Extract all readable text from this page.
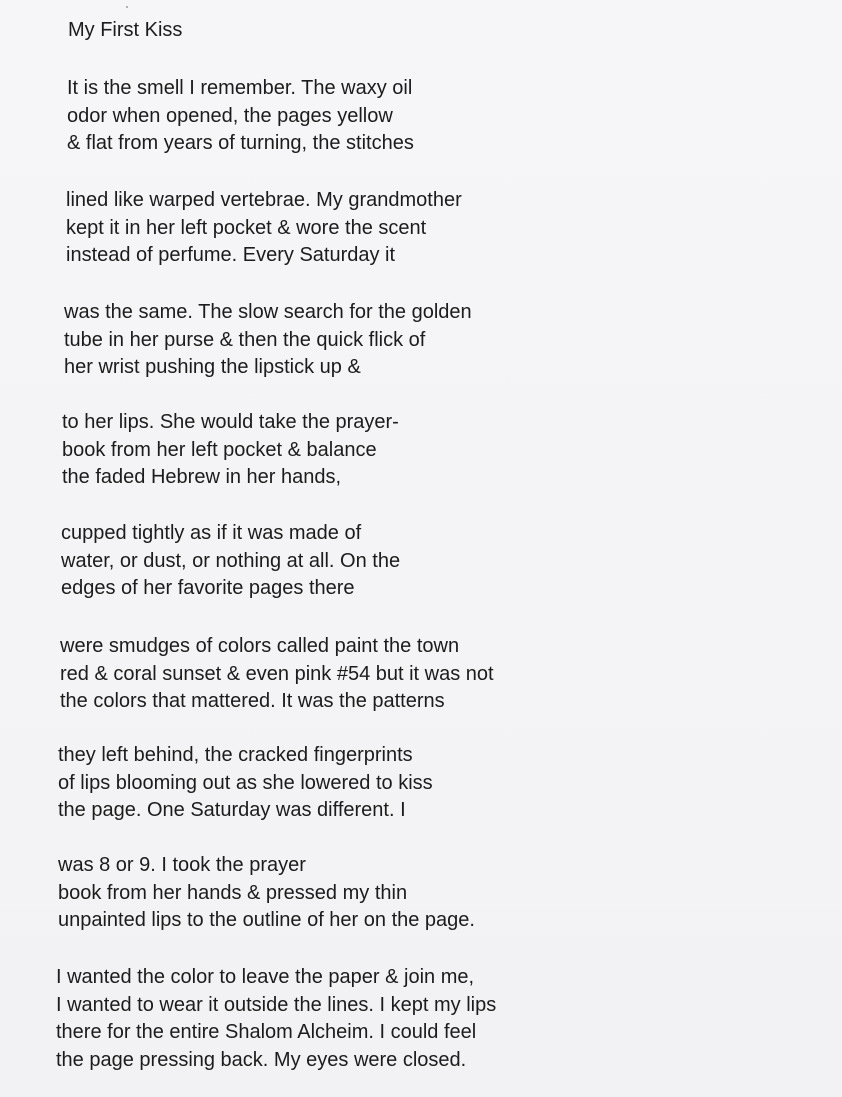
My First Kiss
It is the smell I remember. The waxy oil
odor when opened, the pages yellow
& flat from years of turning, the stitches
lined like warped vertebrae. My grandmother
kept it in her left pocket & wore the scent
instead of perfume. Every Saturday it
was the same. The slow search for the golden
tube in her purse & then the quick flick of
her wrist pushing the lipstick up &
to her lips. She would take the prayer-
book from her left pocket & balance
the faded Hebrew in her hands,
cupped tightly as if it was made of
water, or dust, or nothing at all. On the
edges of her favorite pages there
were smudges of colors called paint the town
red & coral sunset & even pink #54 but it was not
the colors that mattered. It was the patterns
they left behind, the cracked fingerprints
of lips blooming out as she lowered to kiss
the page. One Saturday was different. I
was 8 or 9. I took the prayer
book from her hands & pressed my thin
unpainted lips to the outline of her on the page.
I wanted the color to leave the paper & join me,
I wanted to wear it outside the lines. I kept my lips
there for the entire Shalom Alcheim. I could feel
the page pressing back. My eyes were closed.
